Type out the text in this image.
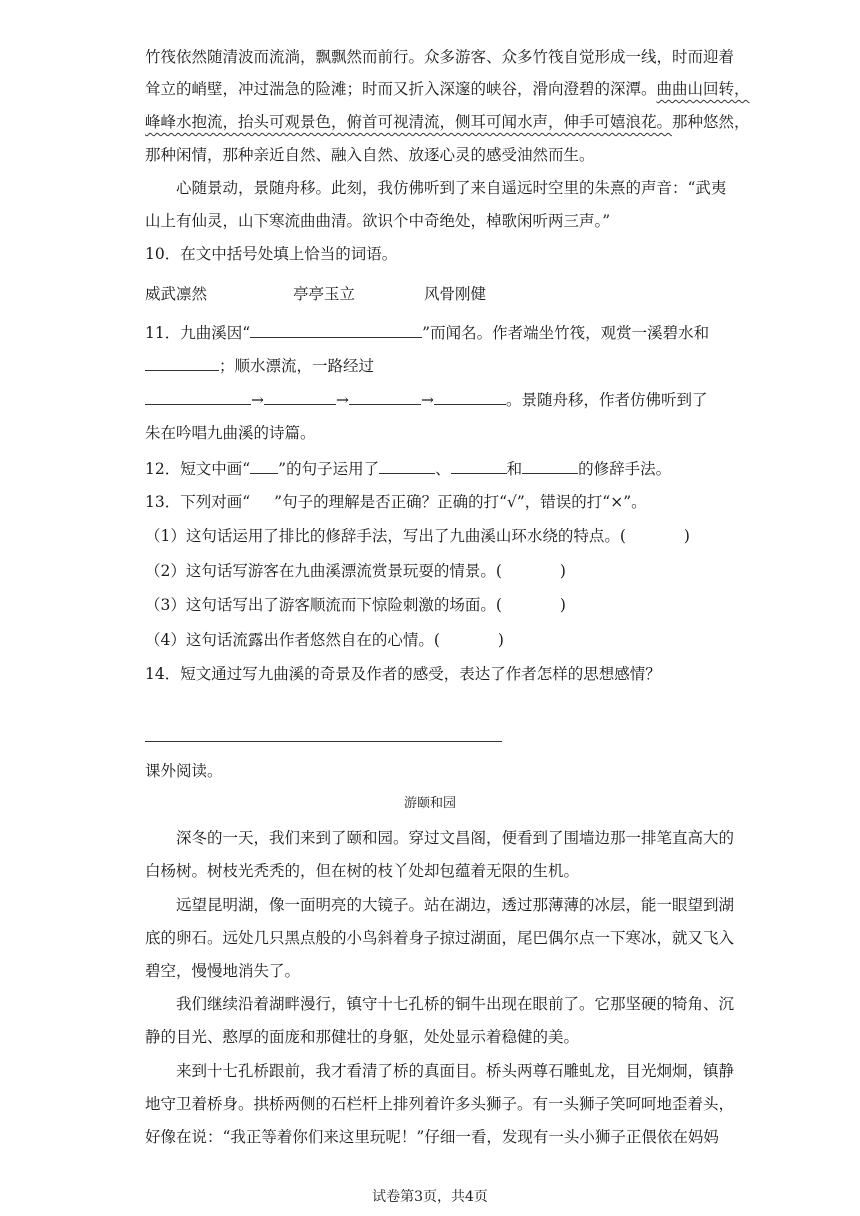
竹筏依然随清波而流淌，飘飘然而前行。众多游客、众多竹筏自觉形成一线，时而迎着
耸立的峭壁，冲过湍急的险滩；时而又折入深邃的峡谷，滑向澄碧的深潭。曲曲山回转，
峰峰水抱流，抬头可观景色，俯首可视清流，侧耳可闻水声，伸手可嬉浪花。那种悠然，
那种闲情，那种亲近自然、融入自然、放逐心灵的感受油然而生。
心随景动，景随舟移。此刻，我仿佛听到了来自遥远时空里的朱熹的声音：“武夷
山上有仙灵，山下寒流曲曲清。欲识个中奇绝处，棹歌闲听两三声。”
10．在文中括号处填上恰当的词语。
威武凛然	亭亭玉立	风骨刚健
11．九曲溪因“	”而闻名。作者端坐竹筏，观赏一溪碧水和
；顺水漂流，一路经过
→	→	→	。景随舟移，作者仿佛听到了
朱在吟唱九曲溪的诗篇。
12．短文中画“ ”的句子运用了	、	和	的修辞手法。
13．下列对画“ ”句子的理解是否正确？正确的打“√”，错误的打“×”。
（1）这句话运用了排比的修辞手法，写出了九曲溪山环水绕的特点。(	)
（2）这句话写游客在九曲溪漂流赏景玩耍的情景。(	)
（3）这句话写出了游客顺流而下惊险刺激的场面。(	)
（4）这句话流露出作者悠然自在的心情。(	)
14．短文通过写九曲溪的奇景及作者的感受，表达了作者怎样的思想感情？
课外阅读。
游颐和园
深冬的一天，我们来到了颐和园。穿过文昌阁，便看到了围墙边那一排笔直高大的
白杨树。树枝光秃秃的，但在树的枝丫处却包蕴着无限的生机。
远望昆明湖，像一面明亮的大镜子。站在湖边，透过那薄薄的冰层，能一眼望到湖
底的卵石。远处几只黑点般的小鸟斜着身子掠过湖面，尾巴偶尔点一下寒冰，就又飞入
碧空，慢慢地消失了。
我们继续沿着湖畔漫行，镇守十七孔桥的铜牛出现在眼前了。它那坚硬的犄角、沉
静的目光、憨厚的面庞和那健壮的身躯，处处显示着稳健的美。
来到十七孔桥跟前，我才看清了桥的真面目。桥头两尊石雕虬龙，目光炯炯，镇静
地守卫着桥身。拱桥两侧的石栏杆上排列着许多头狮子。有一头狮子笑呵呵地歪着头，
好像在说：“我正等着你们来这里玩呢！”仔细一看，发现有一头小狮子正偎依在妈妈
试卷第3页，共4页
